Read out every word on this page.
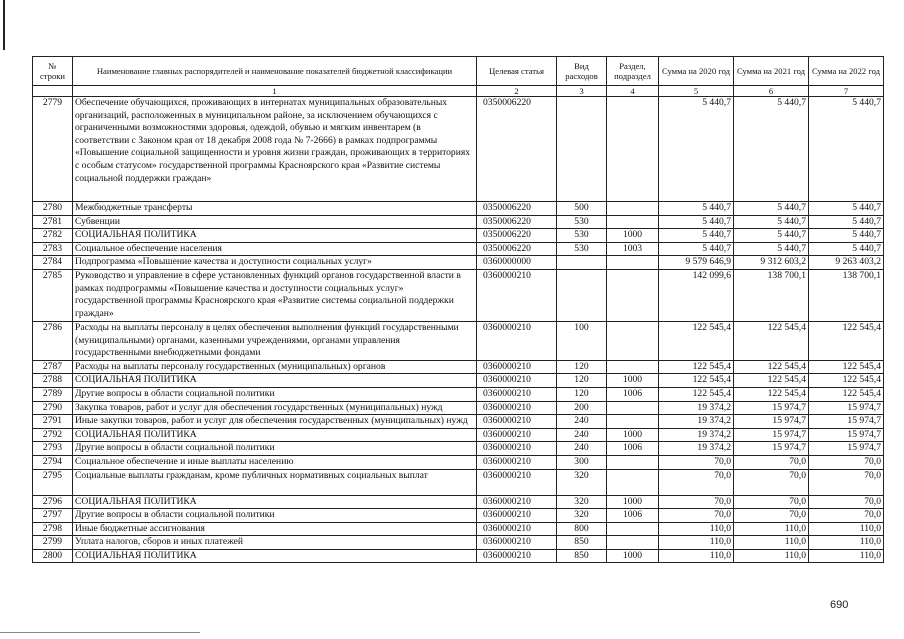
№
строки	Наименование главных распорядителей и наименование показателей бюджетной классификации	Целевая статья	Вид расходов	Раздел, подраздел	Сумма на 2020 год	Сумма на 2021 год	Сумма на 2022 год
	1	2	3	4	5	6	7
2779	Обеспечение обучающихся, проживающих в интернатах муниципальных образовательных организаций, расположенных в муниципальном районе, за исключением обучающихся с ограниченными возможностями здоровья, одеждой, обувью и мягким инвентарем (в соответствии с Законом края от 18 декабря 2008 года № 7-2666) в рамках подпрограммы «Повышение социальной защищенности и уровня жизни граждан, проживающих в территориях с особым статусом» государственной программы Красноярского края «Развитие системы социальной поддержки граждан»	0350006220			5 440,7	5 440,7	5 440,7
2780	Межбюджетные трансферты	0350006220	500		5 440,7	5 440,7	5 440,7
2781	Субвенции	0350006220	530		5 440,7	5 440,7	5 440,7
2782	СОЦИАЛЬНАЯ ПОЛИТИКА	0350006220	530	1000	5 440,7	5 440,7	5 440,7
2783	Социальное обеспечение населения	0350006220	530	1003	5 440,7	5 440,7	5 440,7
2784	Подпрограмма «Повышение качества и доступности социальных услуг»	0360000000			9 579 646,9	9 312 603,2	9 263 403,2
2785	Руководство и управление в сфере установленных функций органов государственной власти в рамках подпрограммы «Повышение качества и доступности социальных услуг» государственной программы Красноярского края «Развитие системы социальной поддержки граждан»	0360000210			142 099,6	138 700,1	138 700,1
2786	Расходы на выплаты персоналу в целях обеспечения выполнения функций государственными (муниципальными) органами, казенными учреждениями, органами управления государственными внебюджетными фондами	0360000210	100		122 545,4	122 545,4	122 545,4
2787	Расходы на выплаты персоналу государственных (муниципальных) органов	0360000210	120		122 545,4	122 545,4	122 545,4
2788	СОЦИАЛЬНАЯ ПОЛИТИКА	0360000210	120	1000	122 545,4	122 545,4	122 545,4
2789	Другие вопросы в области социальной политики	0360000210	120	1006	122 545,4	122 545,4	122 545,4
2790	Закупка товаров, работ и услуг для обеспечения государственных (муниципальных) нужд	0360000210	200		19 374,2	15 974,7	15 974,7
2791	Иные закупки товаров, работ и услуг для обеспечения государственных (муниципальных) нужд	0360000210	240		19 374,2	15 974,7	15 974,7
2792	СОЦИАЛЬНАЯ ПОЛИТИКА	0360000210	240	1000	19 374,2	15 974,7	15 974,7
2793	Другие вопросы в области социальной политики	0360000210	240	1006	19 374,2	15 974,7	15 974,7
2794	Социальное обеспечение и иные выплаты населению	0360000210	300		70,0	70,0	70,0
2795	Социальные выплаты гражданам, кроме публичных нормативных социальных выплат	0360000210	320		70,0	70,0	70,0
2796	СОЦИАЛЬНАЯ ПОЛИТИКА	0360000210	320	1000	70,0	70,0	70,0
2797	Другие вопросы в области социальной политики	0360000210	320	1006	70,0	70,0	70,0
2798	Иные бюджетные ассигнования	0360000210	800		110,0	110,0	110,0
2799	Уплата налогов, сборов и иных платежей	0360000210	850		110,0	110,0	110,0
2800	СОЦИАЛЬНАЯ ПОЛИТИКА	0360000210	850	1000	110,0	110,0	110,0
690
